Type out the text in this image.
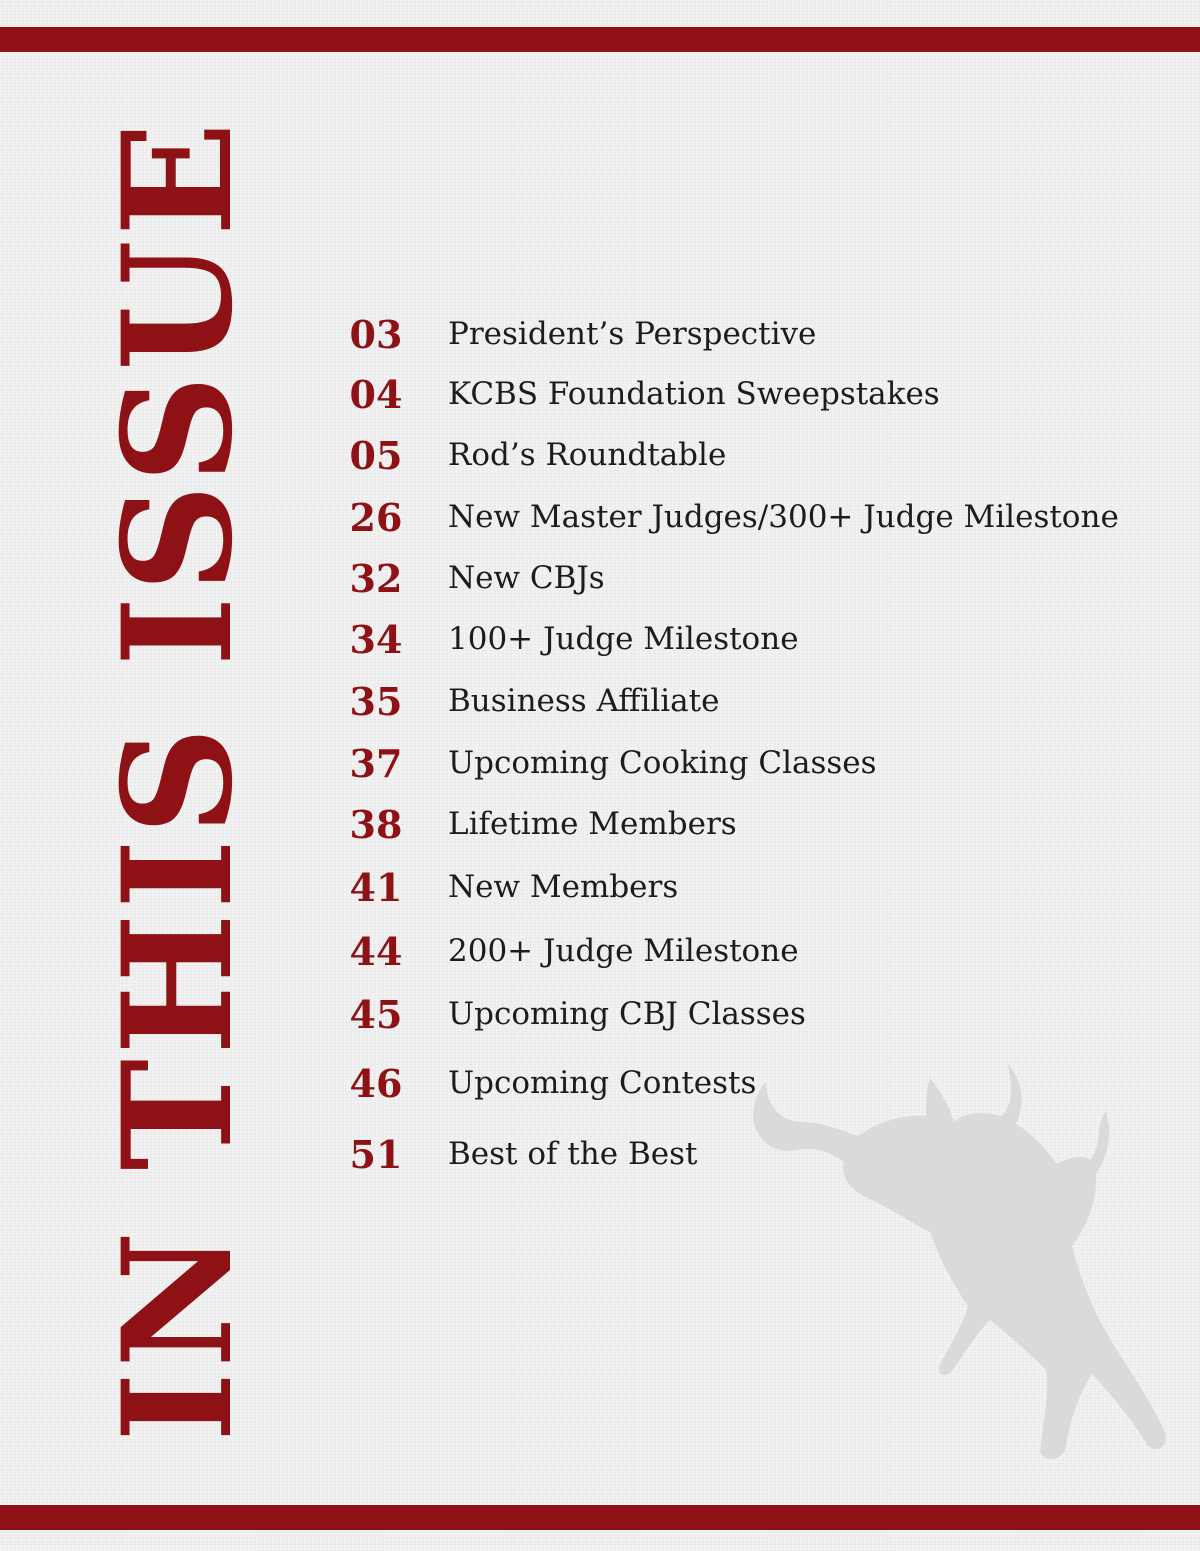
IN THIS ISSUE 03	President’s Perspective
04	KCBS Foundation Sweepstakes
05	Rod’s Roundtable
26	New Master Judges/300+ Judge Milestone
32	New CBJs
34	100+ Judge Milestone
35	Business Affiliate
37	Upcoming Cooking Classes
38	Lifetime Members
41	New Members
44	200+ Judge Milestone
45	Upcoming CBJ Classes
46	Upcoming Contests
51	Best of the Best
